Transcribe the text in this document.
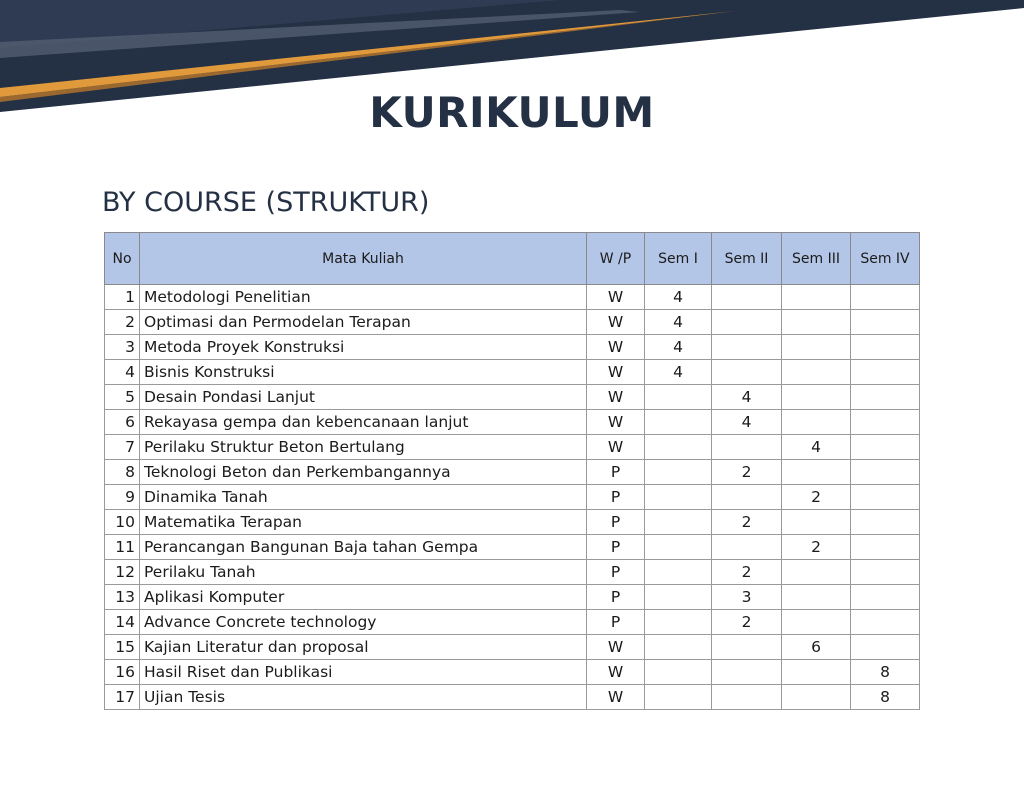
KURIKULUM
BY COURSE (STRUKTUR)
No	Mata Kuliah	W /P	Sem I	Sem II	Sem III	Sem IV
1	Metodologi Penelitian	W	4			
2	Optimasi dan Permodelan Terapan	W	4			
3	Metoda Proyek Konstruksi	W	4			
4	Bisnis Konstruksi	W	4			
5	Desain Pondasi Lanjut	W		4		
6	Rekayasa gempa dan kebencanaan lanjut	W		4		
7	Perilaku Struktur Beton Bertulang	W			4	
8	Teknologi Beton dan Perkembangannya	P		2		
9	Dinamika Tanah	P			2	
10	Matematika Terapan	P		2		
11	Perancangan Bangunan Baja tahan Gempa	P			2	
12	Perilaku Tanah	P		2		
13	Aplikasi Komputer	P		3		
14	Advance Concrete technology	P		2		
15	Kajian Literatur dan proposal	W			6	
16	Hasil Riset dan Publikasi	W				8
17	Ujian Tesis	W				8
